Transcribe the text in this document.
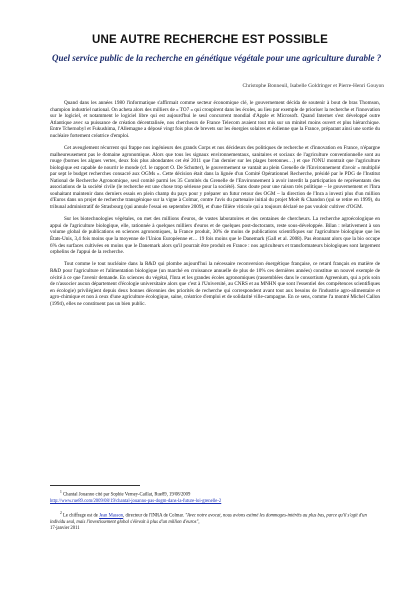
UNE AUTRE RECHERCHE EST POSSIBLE
Quel service public de la recherche en génétique végétale pour une agriculture durable ?
Christophe Bonneuil, Isabelle Goldringer et Pierre-Henri Gouyon

Quand dans les années 1980 l'informatique s'affirmait comme secteur économique clé, le gouvernement décida de soutenir à bout de bras Thomson, champion industriel national. On acheta alors des milliers de « TO7 » qui croupirent dans les écoles, au lieu par exemple de prioriser la recherche et l'innovation sur le logiciel, et notamment le logiciel libre qui est aujourd'hui le seul concurrent mondial d'Apple et Microsoft. Quand Internet s'est développé outre Atlantique avec sa puissance de création décentralisée, nos chercheurs de France Telecom avaient tout mis sur un minitel moins ouvert et plus hiérarchique. Entre Tchernobyl et Fukushima, l'Allemagne a déposé vingt fois plus de brevets sur les énergies solaires et éolienne que la France, préparant ainsi une sortie du nucléaire fortement créatrice d'emploi.

Cet aveuglement récurrent qui frappe nos ingénieurs des grands Corps et nos décideurs des politiques de recherche et d'innovation en France, n'épargne malheureusement pas le domaine agronomique. Alors que tous les signaux environnementaux, sanitaires et sociaux de l'agriculture conventionnelle sont au rouge (bornes les algues vertes, deux fois plus abondantes cet été 2011 que l'an dernier sur les plages bretonnes…) et que l'ONU montrait que l'agriculture biologique est capable de nourrir le monde (cf. le rapport O. De Schutter), le gouvernement se vantait au plein Grenelle de l'Environnement d'avoir « multiplié par sept le budget recherches consacré aux OGMs ». Cette décision était dans la lignée d'un Comité Opérationnel Recherche, présidé par le PDG de l'Institut National de Recherche Agronomique, seul comité parmi les 35 Comités du Grenelle de l'Environnement à avoir interdit la participation de représentants des associations de la société civile (le recherche est une chose trop sérieuse pour la société). Sans doute pour une raison très politique – le gouvernement et l'Inra souhaitant maintenir dans derniers essais en plein champ du pays pour y préparer un futur retour des OGM – la direction de l'Inra a investi plus d'un million d'Euros dans un projet de recherche transgénique sur la vigne à Colmar, contre l'avis du partenaire initial du projet Moët & Chandon (qui se retire en 1999), du tribunal administratif de Strasbourg (qui annule l'essai en septembre 2009), et d'une filière viticole qui a toujours déclaré ne pas vouloir cultiver d'OGM.

Sur les biotechnologies végétales, on met des millions d'euros, de vastes laboratoires et des centaines de chercheurs. La recherche agroécologique en appui de l'agriculture biologique, elle, rationnée à quelques milliers d'euros et de quelques post-doctorants, reste sous-développée. Bilan : relativement à son volume global de publications en sciences agronomiques, la France produit, 30% de moins de publications scientifiques sur l'agriculture biologique que les États-Unis, 3,4 fois moins que la moyenne de l'Union Européenne et… 19 fois moins que le Danemark (Gall et al. 2008). Pas étonnant alors que la bio occupe 6% des surfaces cultivées en moins que le Danemark alors qu'il pourrait être produit en France : nos agriculteurs et transformateurs biologiques sont largement orphelins de l'appui de la recherche.

Tout comme le tout nucléaire dans la R&D qui plombe aujourd'hui la nécessaire reconversion énergétique française, ce retard français en matière de R&D pour l'agriculture et l'alimentation biologique (un marché en croissance annuelle de plus de 10% ces dernières années) constitue un nouvel exemple de cécité à ce que l'avenir demande. En sciences du végétal, l'Inra et les grandes écoles agronomiques (rassemblées dans le consortium Agreenium, qui a pris soin de n'associer aucun département d'écologie universitaire alors que c'est à l'Université, au CNRS et au MNHN que sont l'essentiel des compétences scientifiques en écologie) privilégient depuis deux bonnes décennies des priorités de recherche qui correspondent avant tout aux besoins de l'industrie agro-alimentaire et agro-chimique et non à ceux d'une agriculture écologique, saine, créatrice d'emploi et de solidarité ville-campagne. En ce sens, comme l'a montré Michel Callon (1994), elles ne constituent pas un bien public.

$^1$ Chantal Jouanno cité par Sophie Verney-Caillat, Rue89, 19/08/2009
http://www.rue89.com/2009/08/19/chantal-jouanno-pas-dogm-dans-la-future-loi-grenelle-2
$^2$ Le chiffrage est de Jean Masson, directeur de l'INRA de Colmar. "Avec notre avocat, nous avions estimé les dommages-intérêts au plus bas, parce qu'il s'agit d'un individu seul, mais l'investissement global s'élevait à plus d'un million d'euros",
17-janvier 2011
